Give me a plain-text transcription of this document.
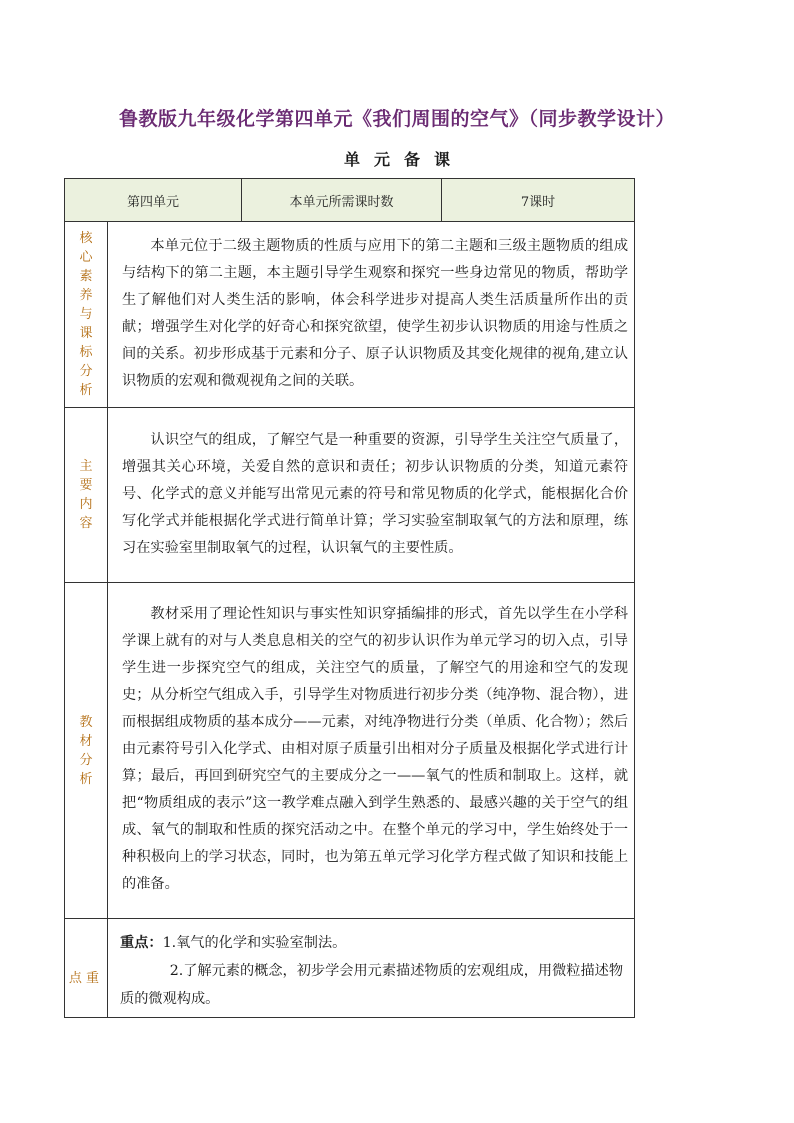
鲁教版九年级化学第四单元《我们周围的空气》（同步教学设计）
单元备课
第四单元		本单元所需课时数	7课时
核心素养与课标分析	本单元位于二级主题物质的性质与应用下的第二主题和三级主题物质的组成与结构下的第二主题，本主题引导学生观察和探究一些身边常见的物质，帮助学生了解他们对人类生活的影响，体会科学进步对提高人类生活质量所作出的贡献；增强学生对化学的好奇心和探究欲望，使学生初步认识物质的用途与性质之间的关系。初步形成基于元素和分子、原子认识物质及其变化规律的视角,建立认识物质的宏观和微观视角之间的关联。		

主要内容	认识空气的组成，了解空气是一种重要的资源，引导学生关注空气质量了，增强其关心环境，关爱自然的意识和责任；初步认识物质的分类，知道元素符号、化学式的意义并能写出常见元素的符号和常见物质的化学式，能根据化合价写化学式并能根据化学式进行简单计算；学习实验室制取氧气的方法和原理，练习在实验室里制取氧气的过程，认识氧气的主要性质。		

教材分析	教材采用了理论性知识与事实性知识穿插编排的形式，首先以学生在小学科学课上就有的对与人类息息相关的空气的初步认识作为单元学习的切入点，引导学生进一步探究空气的组成，关注空气的质量，了解空气的用途和空气的发现史；从分析空气组成入手，引导学生对物质进行初步分类（纯净物、混合物），进而根据组成物质的基本成分——元素，对纯净物进行分类（单质、化合物）；然后由元素符号引入化学式、由相对原子质量引出相对分子质量及根据化学式进行计算；最后，再回到研究空气的主要成分之一——氧气的性质和制取上。这样，就把“物质组成的表示”这一教学难点融入到学生熟悉的、最感兴趣的关于空气的组成、氧气的制取和性质的探究活动之中。在整个单元的学习中，学生始终处于一种积极向上的学习状态，同时，也为第五单元学习化学方程式做了知识和技能上的准备。		

点 重	重点：1.氧气的化学和实验室制法。
2.了解元素的概念，初步学会用元素描述物质的宏观组成，用微粒描述物质的微观构成。		
